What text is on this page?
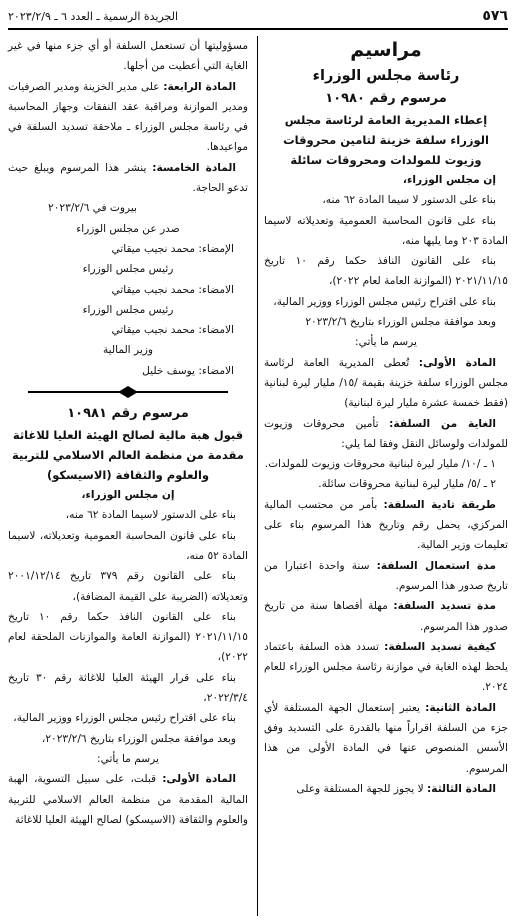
٥٧٦
الجريدة الرسمية ـ العدد ٦ ـ ٢٠٢٣/٢/٩

مراسيم

رئاسة مجلس الوزراء

مرسوم رقم ١٠٩٨٠

إعطاء المديرية العامة لرئاسة مجلس الوزراء سلفة خزينة لتامين محروقات وزيوت للمولدات ومحروقات سائلة

إن مجلس الوزراء،

بناء على الدستور لا سيما المادة ٦٢ منه،

بناء على قانون المحاسبة العمومية وتعديلاته لاسيما المادة ٢٠٣ وما يليها منه،

بناء على القانون النافذ حكما رقم ١٠ تاريخ ٢٠٢١/١١/١٥ (الموازنة العامة لعام ٢٠٢٢)،

بناء على اقتراح رئيس مجلس الوزراء ووزير المالية،

وبعد موافقة مجلس الوزراء بتاريخ ٢٠٢٣/٢/٦

يرسم ما يأتي:

المادة الأولى: تُعطى المديرية العامة لرئاسة مجلس الوزراء سلفة خزينة بقيمة /١٥/ مليار ليرة لبنانية (فقط خمسة عشرة مليار ليرة لبنانية)

الغاية من السلفة: تأمين محروقات وزيوت للمولدات ولوسائل النقل وفقا لما يلي:

١ ـ /١٠/ مليار ليرة لبنانية محروقات وزيوت للمولدات.

٢ ـ /٥/ مليار ليرة لبنانية محروقات سائلة.

طريقة تادية السلفة: بأمر من محتسب المالية المركزي، يحمل رقم وتاريخ هذا المرسوم بناء على تعليمات وزير المالية.

مدة استعمال السلفة: سنة واحدة اعتبارا من تاريخ صدور هذا المرسوم.

مدة تسديد السلفة: مهلة أقصاها سنة من تاريخ صدور هذا المرسوم.

كيفية تسديد السلفة: تسدد هذه السلفة باعتماد يلحظ لهذه الغاية في موازنة رئاسة مجلس الوزراء للعام ٢٠٢٤.

المادة الثانية: يعتبر إستعمال الجهة المستلفة لأي جزء من السلفة اقراراً منها بالقدرة على التسديد وفق الأسس المنصوص عنها في المادة الأولى من هذا المرسوم.

المادة الثالثة: لا يجوز للجهة المستلفة وعلى

مسؤوليتها أن تستعمل السلفة أو أي جزء منها في غير الغاية التي أعطيت من أجلها.

المادة الرابعة: على مدير الخزينة ومدير الصرفيات ومدير الموازنة ومراقبة عقد النفقات وجهاز المحاسبة في رئاسة مجلس الوزراء ـ ملاحقة تسديد السلفة في مواعيدها.

المادة الخامسة: ينشر هذا المرسوم ويبلغ حيث تدعو الحاجة.

بيروت في ٢٠٢٣/٢/٦

صدر عن مجلس الوزراء

الإمضاء: محمد نجيب ميقاتي

رئيس مجلس الوزراء

الامضاء: محمد نجيب ميقاتي

رئيس مجلس الوزراء

الامضاء: محمد نجيب ميقاتي

وزير المالية

الامضاء: يوسف خليل

مرسوم رقم ١٠٩٨١

قبول هبة مالية لصالح الهيئة العليا للاغاثة مقدمة من منظمة العالم الاسلامي للتربية والعلوم والثقافة (الاسيسكو)

إن مجلس الوزراء،

بناء على الدستور لاسيما المادة ٦٢ منه،

بناء على قانون المحاسبة العمومية وتعديلاته، لاسيما المادة ٥٢ منه،

بناء على القانون رقم ٣٧٩ تاريخ ٢٠٠١/١٢/١٤ وتعديلاته (الضريبة على القيمة المضافة)،

بناء على القانون النافذ حكما رقم ١٠ تاريخ ٢٠٢١/١١/١٥ (الموازنة العامة والموازنات الملحقة لعام ٢٠٢٢)،

بناء على قرار الهيئة العليا للاغاثة رقم ٣٠ تاريخ ٢٠٢٢/٣/٤،

بناء على اقتراح رئيس مجلس الوزراء ووزير المالية،

وبعد موافقة مجلس الوزراء بتاريخ ٢٠٢٣/٢/٦،

يرسم ما يأتي:

المادة الأولى: قبلت، على سبيل التسوية، الهبة المالية المقدمة من منظمة العالم الاسلامي للتربية والعلوم والثقافة (الاسيسكو) لصالح الهيئة العليا للاغاثة
